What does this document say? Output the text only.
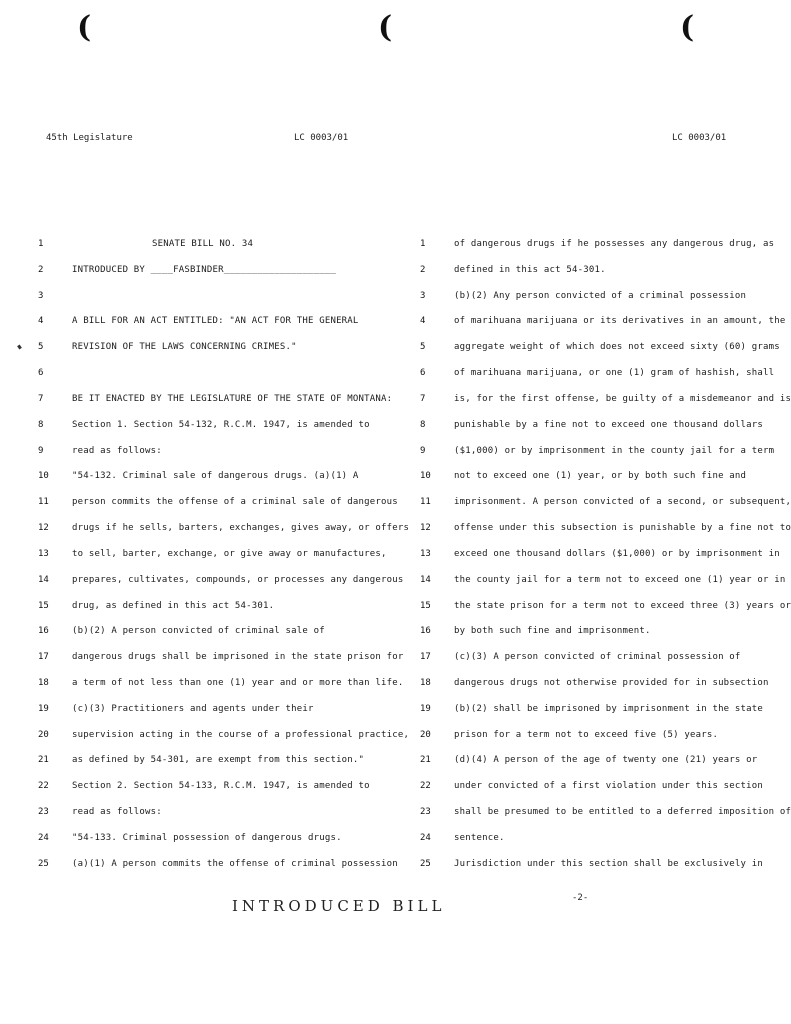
(	(	(
45th Legislature	LC 0003/01	LC 0003/01
1	SENATE BILL NO. 34
2	INTRODUCED BY ____FASBINDER____________________
3
4	A BILL FOR AN ACT ENTITLED: "AN ACT FOR THE GENERAL
5	REVISION OF THE LAWS CONCERNING CRIMES."
6
7	BE IT ENACTED BY THE LEGISLATURE OF THE STATE OF MONTANA:
8	Section 1. Section 54-132, R.C.M. 1947, is amended to
9	read as follows:
10	"54-132. Criminal sale of dangerous drugs. (a)(1) A
11	person commits the offense of a criminal sale of dangerous
12	drugs if he sells, barters, exchanges, gives away, or offers
13	to sell, barter, exchange, or give away or manufactures,
14	prepares, cultivates, compounds, or processes any dangerous
15	drug, as defined in this act 54-301.
16	(b)(2) A person convicted of criminal sale of
17	dangerous drugs shall be imprisoned in the state prison for
18	a term of not less than one (1) year and or more than life.
19	(c)(3) Practitioners and agents under their
20	supervision acting in the course of a professional practice,
21	as defined by 54-301, are exempt from this section."
22	Section 2. Section 54-133, R.C.M. 1947, is amended to
23	read as follows:
24	"54-133. Criminal possession of dangerous drugs.
25	(a)(1) A person commits the offense of criminal possession
1	of dangerous drugs if he possesses any dangerous drug, as
2	defined in this act 54-301.
3	(b)(2) Any person convicted of a criminal possession
4	of marihuana marijuana or its derivatives in an amount, the
5	aggregate weight of which does not exceed sixty (60) grams
6	of marihuana marijuana, or one (1) gram of hashish, shall
7	is, for the first offense, be guilty of a misdemeanor and is
8	punishable by a fine not to exceed one thousand dollars
9	($1,000) or by imprisonment in the county jail for a term
10	not to exceed one (1) year, or by both such fine and
11	imprisonment. A person convicted of a second, or subsequent,
12	offense under this subsection is punishable by a fine not to
13	exceed one thousand dollars ($1,000) or by imprisonment in
14	the county jail for a term not to exceed one (1) year or in
15	the state prison for a term not to exceed three (3) years or
16	by both such fine and imprisonment.
17	(c)(3) A person convicted of criminal possession of
18	dangerous drugs not otherwise provided for in subsection
19	(b)(2) shall be imprisoned by imprisonment in the state
20	prison for a term not to exceed five (5) years.
21	(d)(4) A person of the age of twenty one (21) years or
22	under convicted of a first violation under this section
23	shall be presumed to be entitled to a deferred imposition of
24	sentence.
25	Jurisdiction under this section shall be exclusively in
INTRODUCED BILL	-2-
